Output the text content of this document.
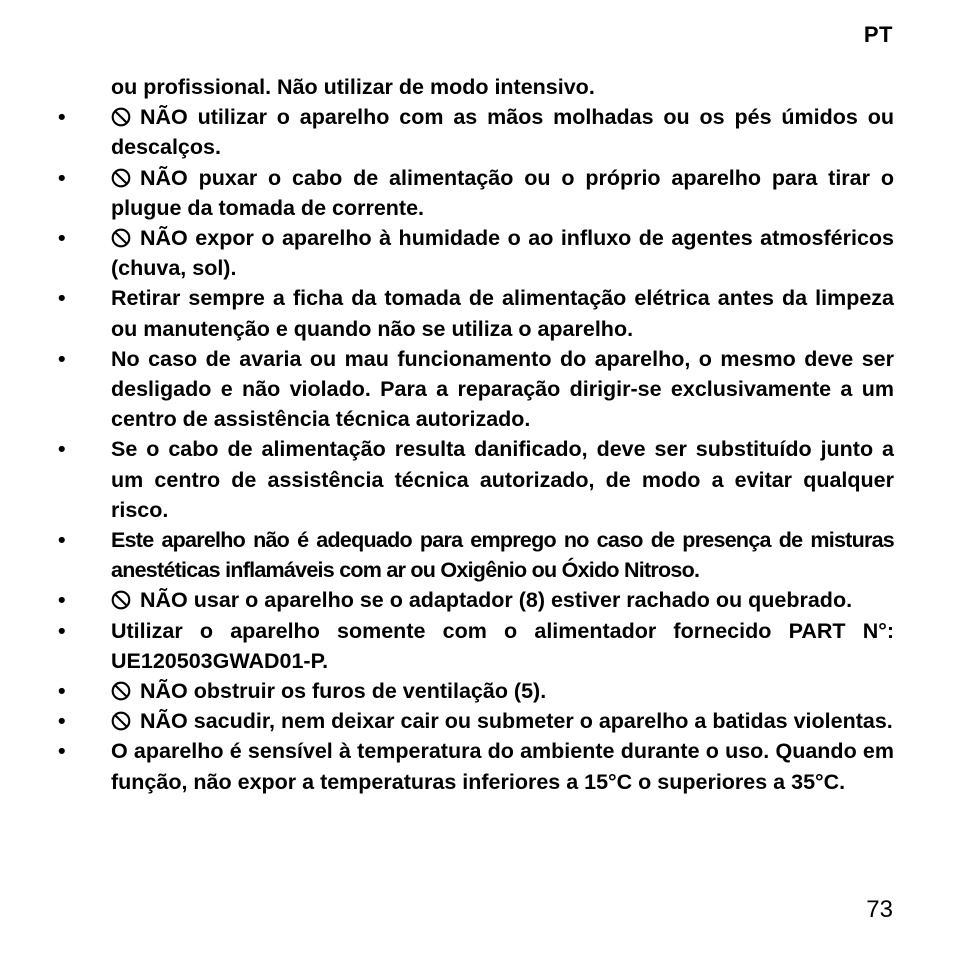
PT
ou profissional. Não utilizar de modo intensivo.
•	NÃO utilizar o aparelho com as mãos molhadas ou os pés úmidos ou descalços.
•	NÃO puxar o cabo de alimentação ou o próprio aparelho para tirar o plugue da tomada de corrente.
•	NÃO expor o aparelho à humidade o ao influxo de agentes atmosféricos (chuva, sol).
• Retirar sempre a ficha da tomada de alimentação elétrica antes da limpeza ou manutenção e quando não se utiliza o aparelho.
• No caso de avaria ou mau funcionamento do aparelho, o mesmo deve ser desligado e não violado. Para a reparação dirigir-se exclusivamente a um centro de assistência técnica autorizado.
• Se o cabo de alimentação resulta danificado, deve ser substituído junto a um centro de assistência técnica autorizado, de modo a evitar qualquer risco.
• Este aparelho não é adequado para emprego no caso de presença de misturas anestéticas inflamáveis com ar ou Oxigênio ou Óxido Nitroso.
•	NÃO usar o aparelho se o adaptador (8) estiver rachado ou quebrado.
• Utilizar o aparelho somente com o alimentador fornecido PART N°: UE120503GWAD01-P.
•	NÃO obstruir os furos de ventilação (5).
•	NÃO sacudir, nem deixar cair ou submeter o aparelho a batidas violentas.
• O aparelho é sensível à temperatura do ambiente durante o uso. Quando em função, não expor a temperaturas inferiores a 15°C o superiores a 35°C.
73
